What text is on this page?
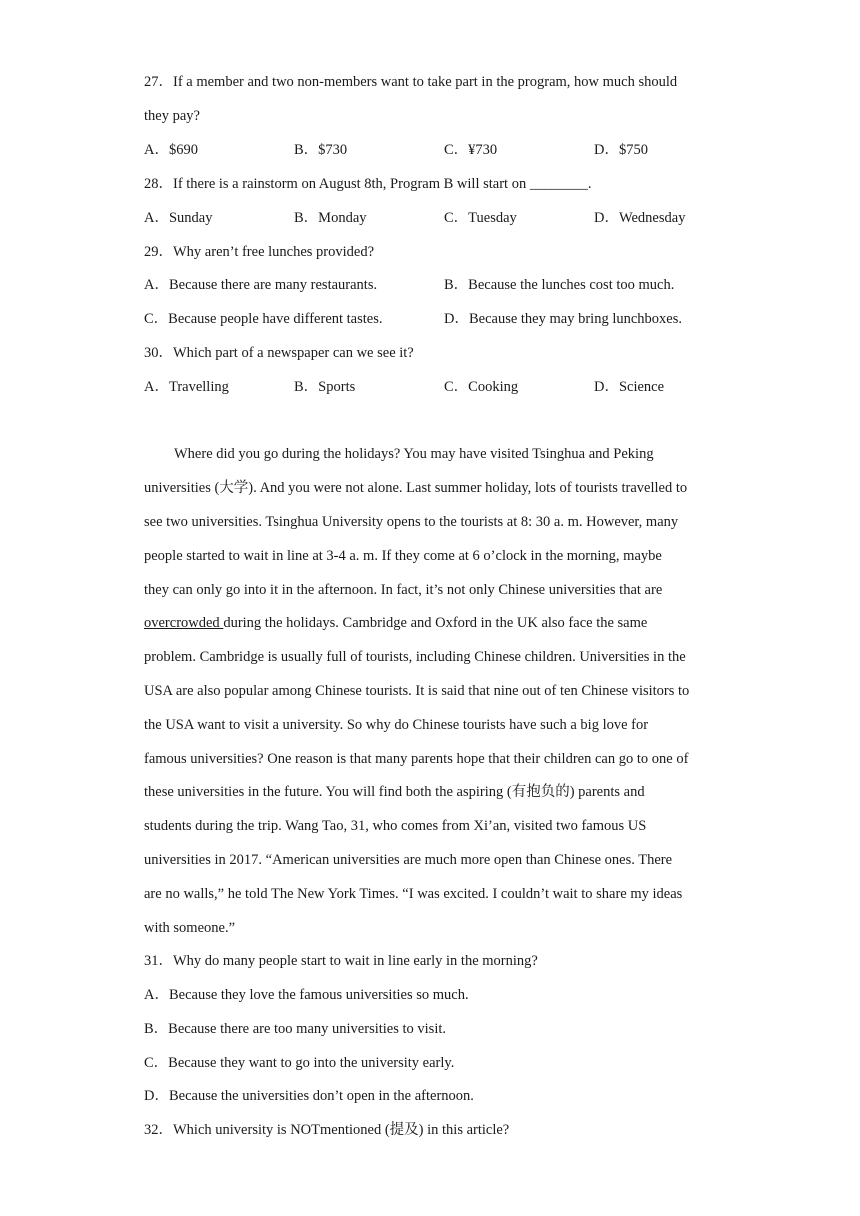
27．If a member and two non-members want to take part in the program, how much should
they pay?
A．$690	B．$730	C．¥730	D．$750
28．If there is a rainstorm on August 8th, Program B will start on ________.
A．Sunday	B．Monday	C．Tuesday	D．Wednesday
29．Why aren’t free lunches provided?
A．Because there are many restaurants.	B．Because the lunches cost too much.
C．Because people have different tastes.	D．Because they may bring lunchboxes.
30．Which part of a newspaper can we see it?
A．Travelling	B．Sports	C．Cooking	D．Science
Where did you go during the holidays? You may have visited Tsinghua and Peking
universities (大学). And you were not alone. Last summer holiday, lots of tourists travelled to
see two universities. Tsinghua University opens to the tourists at 8: 30 a. m. However, many
people started to wait in line at 3-4 a. m. If they come at 6 o’clock in the morning, maybe
they can only go into it in the afternoon. In fact, it’s not only Chinese universities that are
overcrowded during the holidays. Cambridge and Oxford in the UK also face the same
problem. Cambridge is usually full of tourists, including Chinese children. Universities in the
USA are also popular among Chinese tourists. It is said that nine out of ten Chinese visitors to
the USA want to visit a university. So why do Chinese tourists have such a big love for
famous universities? One reason is that many parents hope that their children can go to one of
these universities in the future. You will find both the aspiring (有抱负的) parents and
students during the trip. Wang Tao, 31, who comes from Xi’an, visited two famous US
universities in 2017. “American universities are much more open than Chinese ones. There
are no walls,” he told The New York Times. “I was excited. I couldn’t wait to share my ideas
with someone.”
31．Why do many people start to wait in line early in the morning?
A．Because they love the famous universities so much.
B．Because there are too many universities to visit.
C．Because they want to go into the university early.
D．Because the universities don’t open in the afternoon.
32．Which university is NOTmentioned (提及) in this article?
